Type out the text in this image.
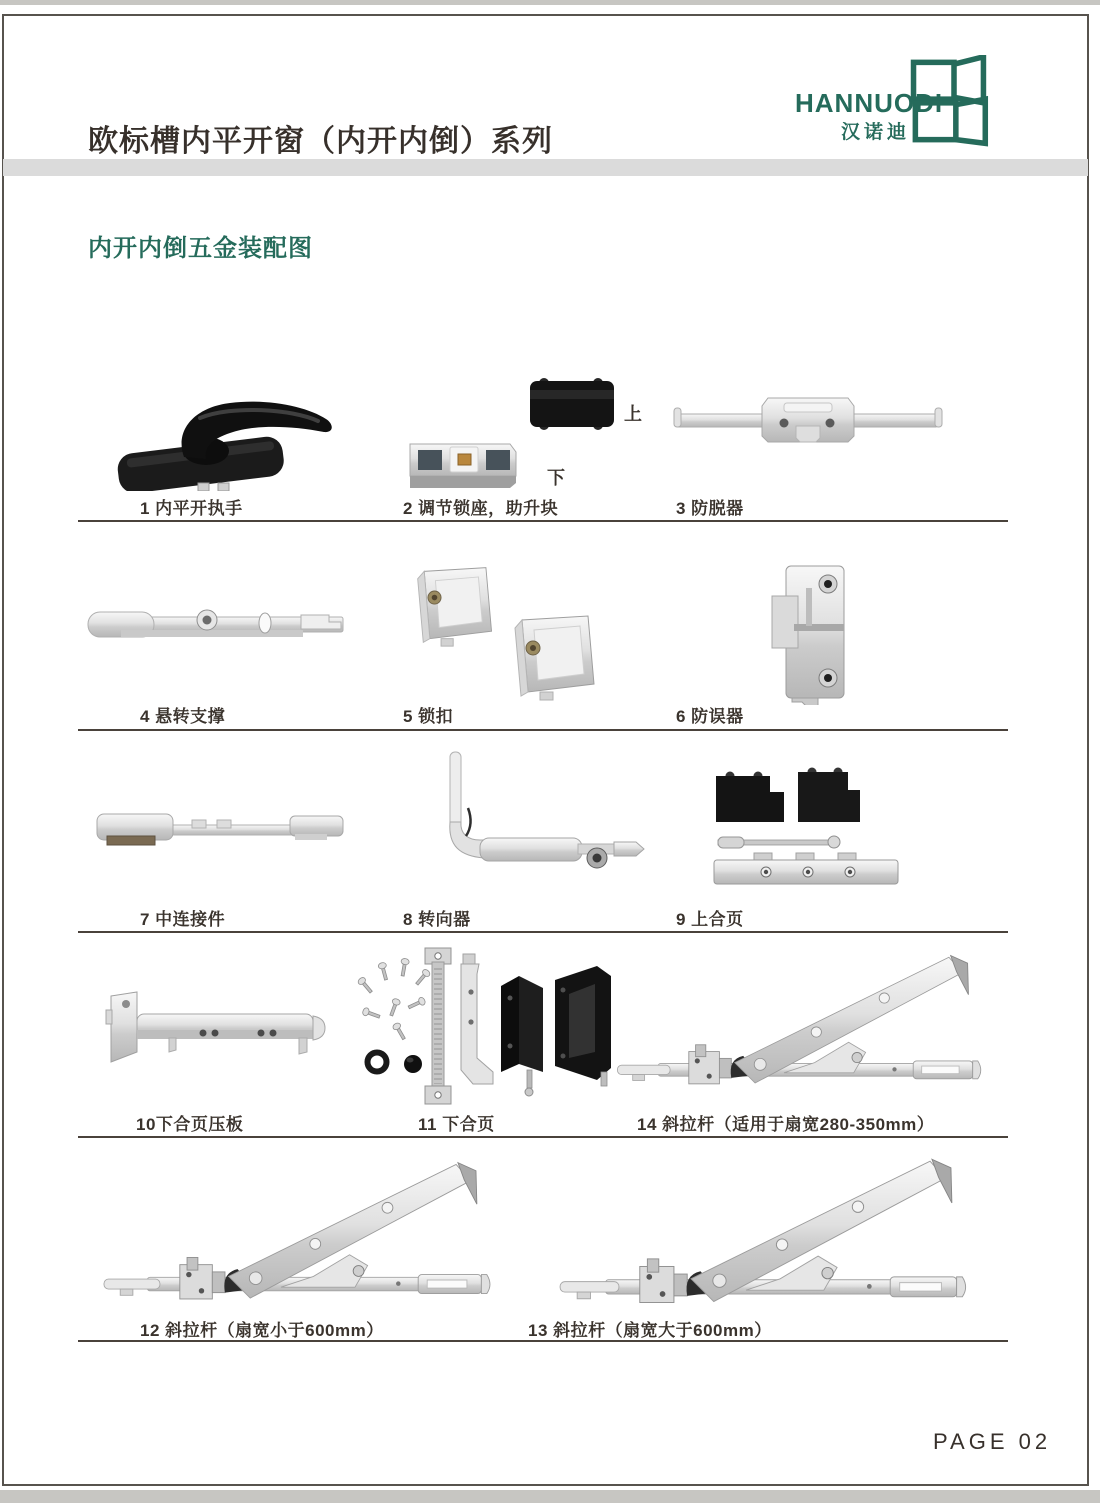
HANNUODI
汉诺迪
欧标槽内平开窗（内开内倒）系列
内开内倒五金装配图
上
下
1 内平开执手	2 调节锁座，助升块	3 防脱器
4 悬转支撑	5 锁扣	6 防误器
7 中连接件	8 转向器	9 上合页
10下合页压板	11 下合页	14 斜拉杆（适用于扇宽280-350mm）
12 斜拉杆（扇宽小于600mm）	13 斜拉杆（扇宽大于600mm）
PAGE 02
